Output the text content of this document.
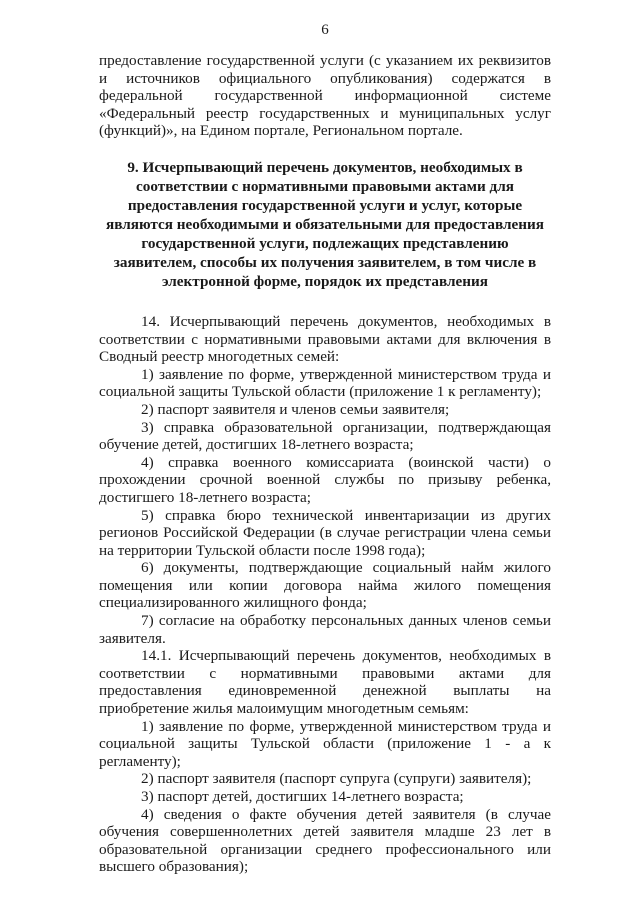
6

предоставление государственной услуги (с указанием их реквизитов и источников официального опубликования) содержатся в федеральной государственной информационной системе «Федеральный реестр государственных и муниципальных услуг (функций)», на Едином портале, Региональном портале.

9. Исчерпывающий перечень документов, необходимых в соответствии с нормативными правовыми актами для предоставления государственной услуги и услуг, которые являются необходимыми и обязательными для предоставления государственной услуги, подлежащих представлению заявителем, способы их получения заявителем, в том числе в электронной форме, порядок их представления

14. Исчерпывающий перечень документов, необходимых в соответствии с нормативными правовыми актами для включения в Сводный реестр многодетных семей:

1) заявление по форме, утвержденной министерством труда и социальной защиты Тульской области (приложение 1 к регламенту);

2) паспорт заявителя и членов семьи заявителя;

3) справка образовательной организации, подтверждающая обучение детей, достигших 18-летнего возраста;

4) справка военного комиссариата (воинской части) о прохождении срочной военной службы по призыву ребенка, достигшего 18-летнего возраста;

5) справка бюро технической инвентаризации из других регионов Российской Федерации (в случае регистрации члена семьи на территории Тульской области после 1998 года);

6) документы, подтверждающие социальный найм жилого помещения или копии договора найма жилого помещения специализированного жилищного фонда;

7) согласие на обработку персональных данных членов семьи заявителя.

14.1. Исчерпывающий перечень документов, необходимых в соответствии с нормативными правовыми актами для предоставления единовременной денежной выплаты на приобретение жилья малоимущим многодетным семьям:

1) заявление по форме, утвержденной министерством труда и социальной защиты Тульской области (приложение 1 - а к регламенту);

2) паспорт заявителя (паспорт супруга (супруги) заявителя);

3) паспорт детей, достигших 14-летнего возраста;

4) сведения о факте обучения детей заявителя (в случае обучения совершеннолетних детей заявителя младше 23 лет в образовательной организации среднего профессионального или высшего образования);
